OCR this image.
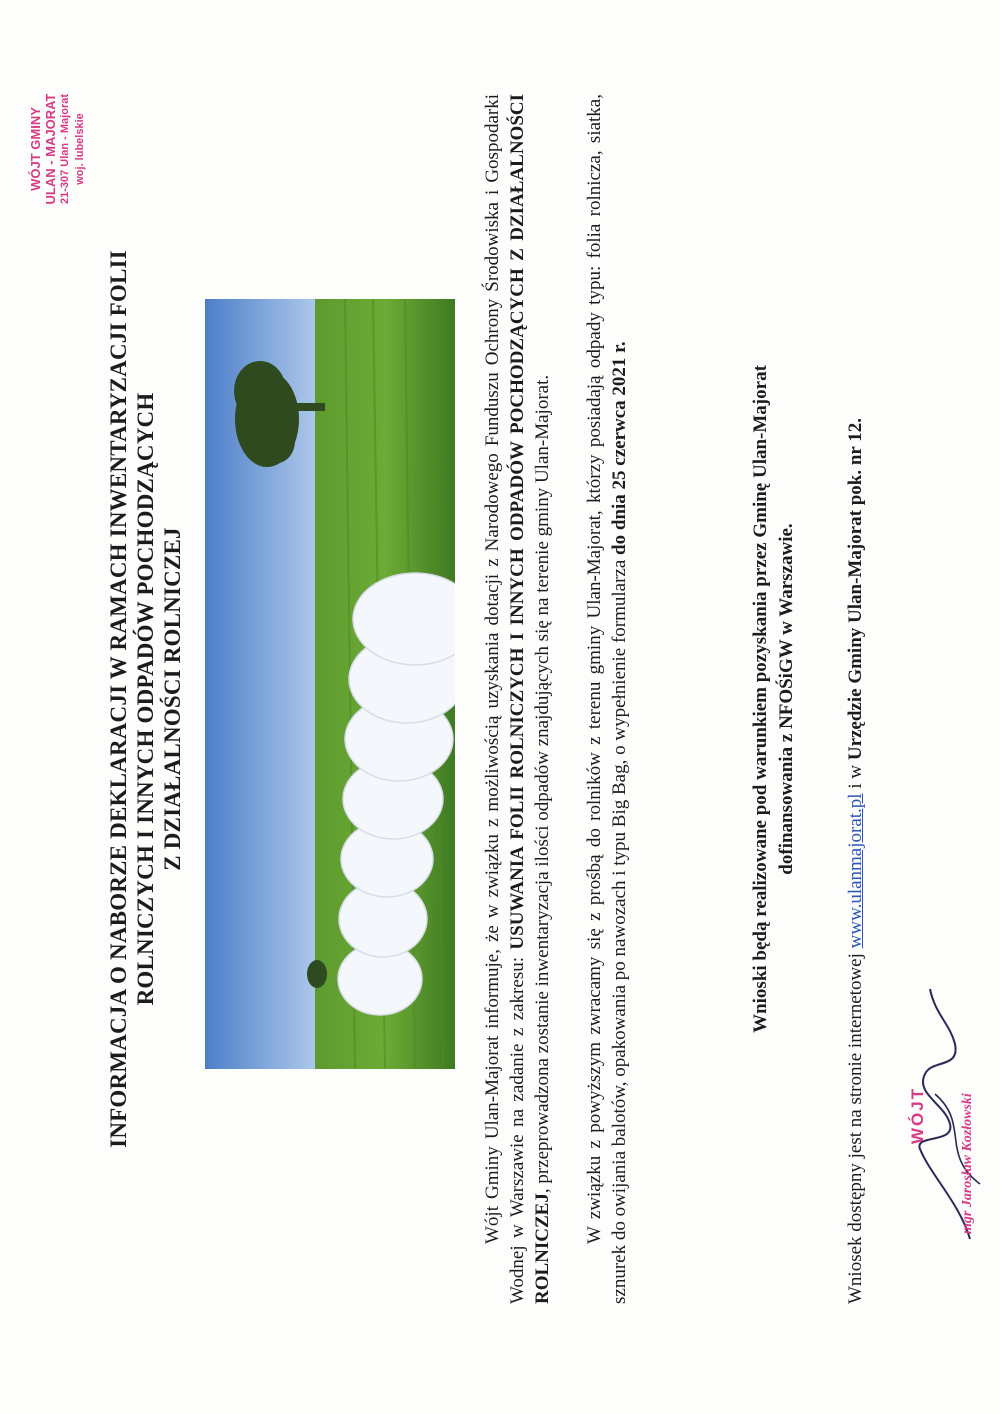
WÓJT GMINY ULAN - MAJORAT 21-307 Ulan - Majorat woj. lubelskie
INFORMACJA O NABORZE DEKLARACJI W RAMACH INWENTARYZACJI FOLII ROLNICZYCH I INNYCH ODPADÓW POCHODZĄCYCH Z DZIAŁALNOŚCI ROLNICZEJ	Wójt Gminy Ulan-Majorat informuje, że w związku z możliwością uzyskania dotacji z Narodowego Funduszu Ochrony Środowiska i Gospodarki Wodnej w Warszawie na zadanie z zakresu: USUWANIA FOLII ROLNICZYCH I INNYCH ODPADÓW POCHODZĄCYCH Z DZIAŁALNOŚCI ROLNICZEJ, przeprowadzona zostanie inwentaryzacja ilości odpadów znajdujących się na terenie gminy Ulan-Majorat. W związku z powyższym zwracamy się z prośbą do rolników z terenu gminy Ulan-Majorat, którzy posiadają odpady typu: folia rolnicza, siatka, sznurek do owijania balotów, opakowania po nawozach i typu Big Bag, o wypełnienie formularza do dnia 25 czerwca 2021 r.	Wnioski będą realizowane pod warunkiem pozyskania przez Gminę Ulan-Majorat dofinansowania z NFOŚiGW w Warszawie.
Wniosek dostępny jest na stronie internetowej www.ulanmajorat.pl i w Urzędzie Gminy Ulan-Majorat pok. nr 12.
WÓJT mgr Jarosław Kozłowski
